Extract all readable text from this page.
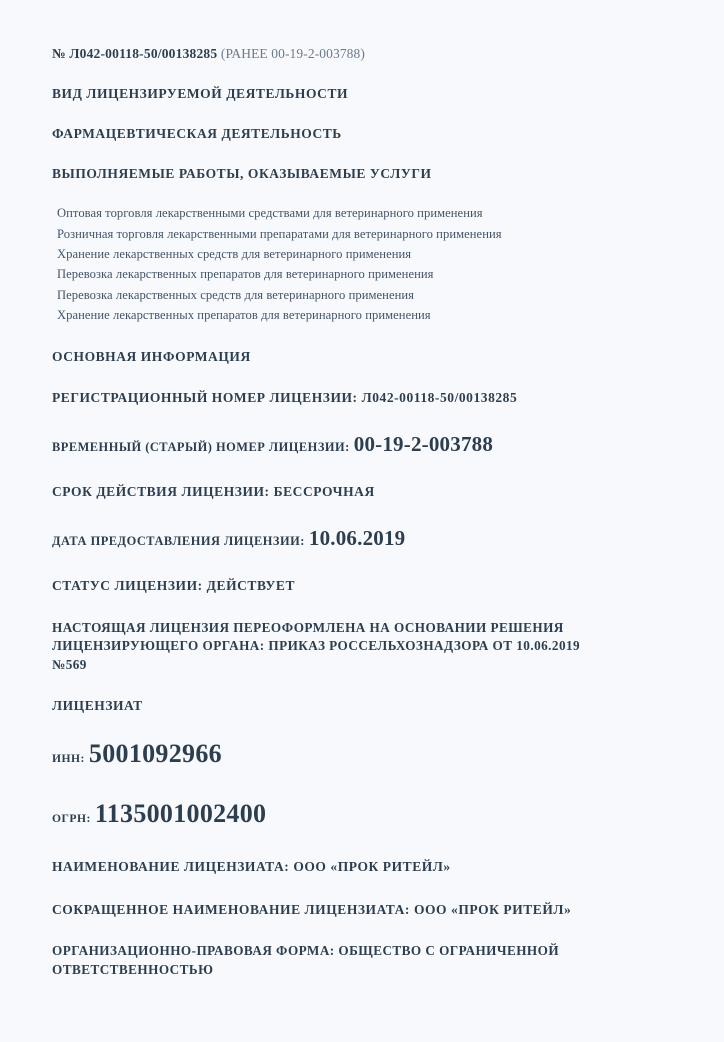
№ Л042-00118-50/00138285 (РАНЕЕ 00-19-2-003788)
ВИД ЛИЦЕНЗИРУЕМОЙ ДЕЯТЕЛЬНОСТИ
ФАРМАЦЕВТИЧЕСКАЯ ДЕЯТЕЛЬНОСТЬ
ВЫПОЛНЯЕМЫЕ РАБОТЫ, ОКАЗЫВАЕМЫЕ УСЛУГИ
Оптовая торговля лекарственными средствами для ветеринарного применения
Розничная торговля лекарственными препаратами для ветеринарного применения
Хранение лекарственных средств для ветеринарного применения
Перевозка лекарственных препаратов для ветеринарного применения
Перевозка лекарственных средств для ветеринарного применения
Хранение лекарственных препаратов для ветеринарного применения
ОСНОВНАЯ ИНФОРМАЦИЯ
РЕГИСТРАЦИОННЫЙ НОМЕР ЛИЦЕНЗИИ: Л042-00118-50/00138285
ВРЕМЕННЫЙ (СТАРЫЙ) НОМЕР ЛИЦЕНЗИИ: 00-19-2-003788
СРОК ДЕЙСТВИЯ ЛИЦЕНЗИИ: БЕССРОЧНАЯ
ДАТА ПРЕДОСТАВЛЕНИЯ ЛИЦЕНЗИИ: 10.06.2019
СТАТУС ЛИЦЕНЗИИ: ДЕЙСТВУЕТ
НАСТОЯЩАЯ ЛИЦЕНЗИЯ ПЕРЕОФОРМЛЕНА НА ОСНОВАНИИ РЕШЕНИЯ ЛИЦЕНЗИРУЮЩЕГО ОРГАНА: ПРИКАЗ РОССЕЛЬХОЗНАДЗОРА ОТ 10.06.2019 №569
ЛИЦЕНЗИАТ
ИНН: 5001092966
ОГРН: 1135001002400
НАИМЕНОВАНИЕ ЛИЦЕНЗИАТА: ООО «ПРОК РИТЕЙЛ»
СОКРАЩЕННОЕ НАИМЕНОВАНИЕ ЛИЦЕНЗИАТА: ООО «ПРОК РИТЕЙЛ»
ОРГАНИЗАЦИОННО-ПРАВОВАЯ ФОРМА: ОБЩЕСТВО С ОГРАНИЧЕННОЙ ОТВЕТСТВЕННОСТЬЮ
